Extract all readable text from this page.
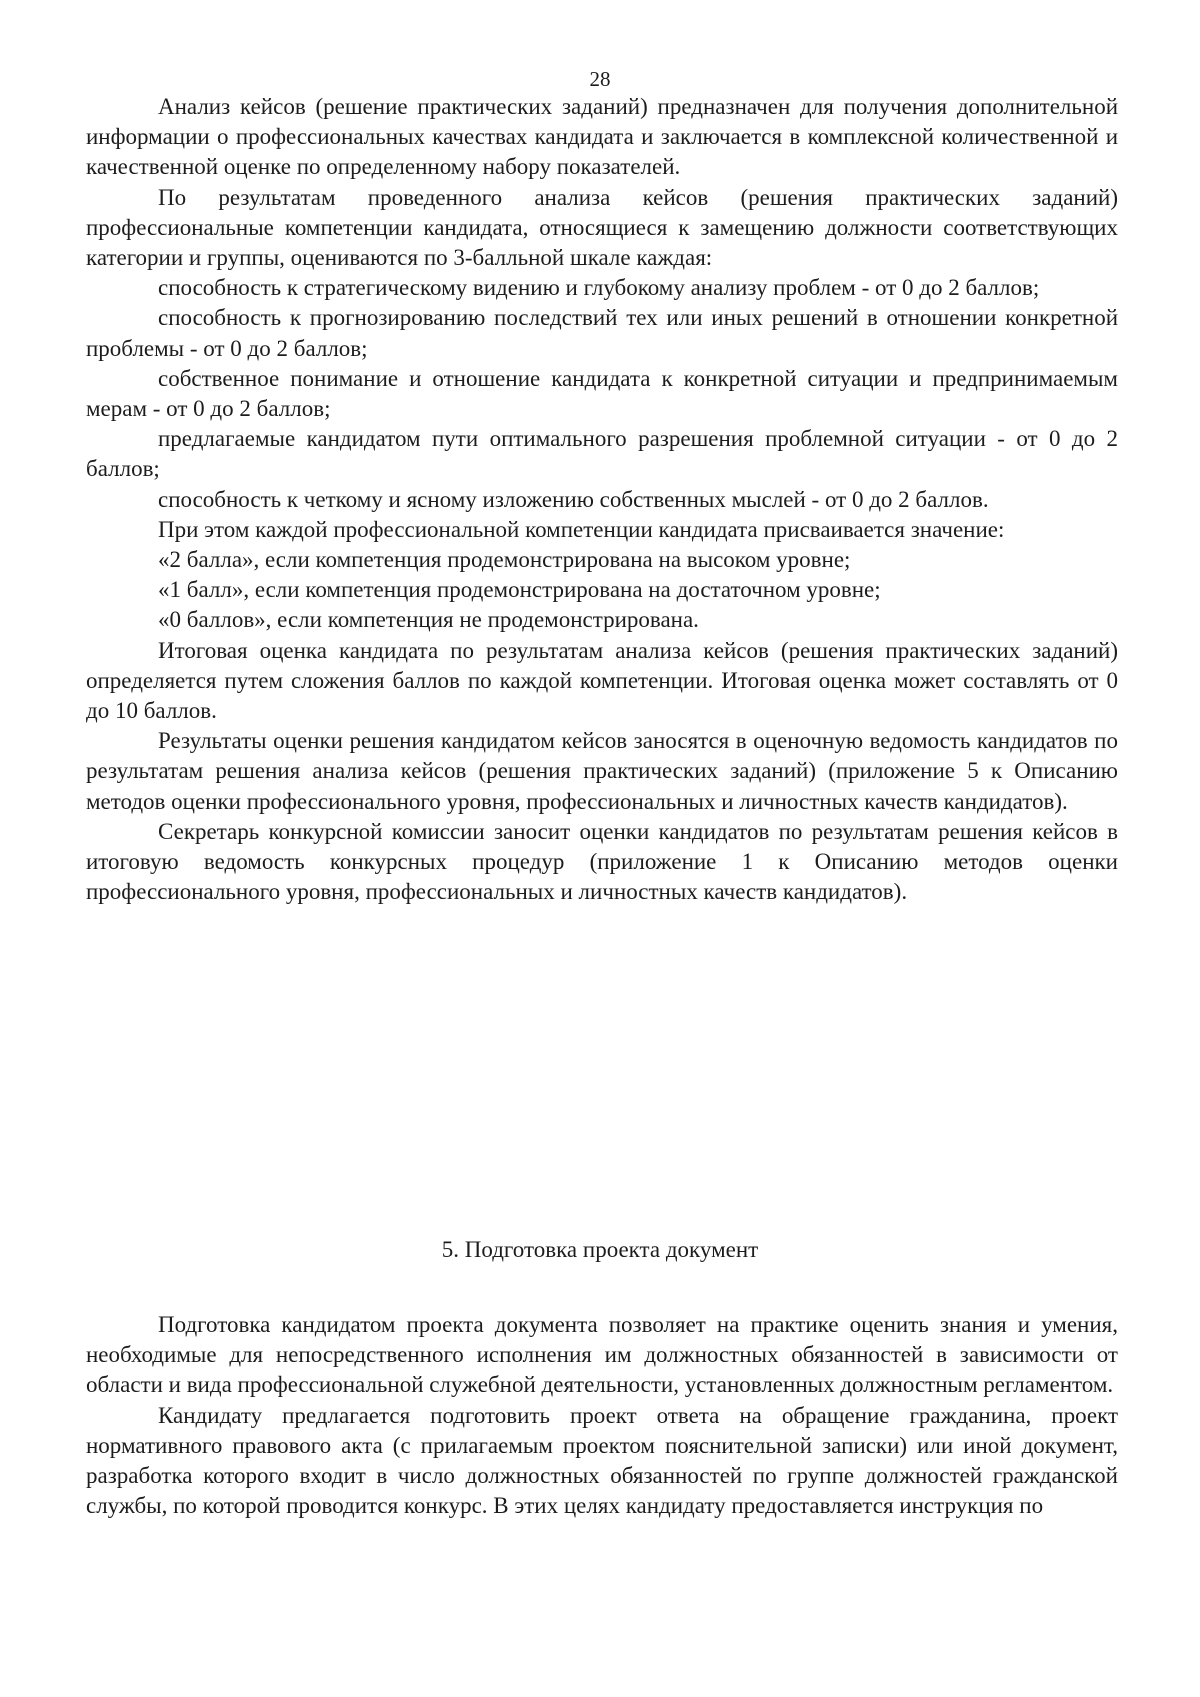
28

Анализ кейсов (решение практических заданий) предназначен для получения дополнительной информации о профессиональных качествах кандидата и заключается в комплексной количественной и качественной оценке по определенному набору показателей.

По результатам проведенного анализа кейсов (решения практических заданий) профессиональные компетенции кандидата, относящиеся к замещению должности соответствующих категории и группы, оцениваются по 3-балльной шкале каждая:

способность к стратегическому видению и глубокому анализу проблем - от 0 до 2 баллов;

способность к прогнозированию последствий тех или иных решений в отношении конкретной проблемы - от 0 до 2 баллов;

собственное понимание и отношение кандидата к конкретной ситуации и предпринимаемым мерам - от 0 до 2 баллов;

предлагаемые кандидатом пути оптимального разрешения проблемной ситуации - от 0 до 2 баллов;

способность к четкому и ясному изложению собственных мыслей - от 0 до 2 баллов.

При этом каждой профессиональной компетенции кандидата присваивается значение:

«2 балла», если компетенция продемонстрирована на высоком уровне;

«1 балл», если компетенция продемонстрирована на достаточном уровне;

«0 баллов», если компетенция не продемонстрирована.

Итоговая оценка кандидата по результатам анализа кейсов (решения практических заданий) определяется путем сложения баллов по каждой компетенции. Итоговая оценка может составлять от 0 до 10 баллов.

Результаты оценки решения кандидатом кейсов заносятся в оценочную ведомость кандидатов по результатам решения анализа кейсов (решения практических заданий) (приложение 5 к Описанию методов оценки профессионального уровня, профессиональных и личностных качеств кандидатов).

Секретарь конкурсной комиссии заносит оценки кандидатов по результатам решения кейсов в итоговую ведомость конкурсных процедур (приложение 1 к Описанию методов оценки профессионального уровня, профессиональных и личностных качеств кандидатов).

5. Подготовка проекта документ

Подготовка кандидатом проекта документа позволяет на практике оценить знания и умения, необходимые для непосредственного исполнения им должностных обязанностей в зависимости от области и вида профессиональной служебной деятельности, установленных должностным регламентом.

Кандидату предлагается подготовить проект ответа на обращение гражданина, проект нормативного правового акта (с прилагаемым проектом пояснительной записки) или иной документ, разработка которого входит в число должностных обязанностей по группе должностей гражданской службы, по которой проводится конкурс. В этих целях кандидату предоставляется инструкция по
